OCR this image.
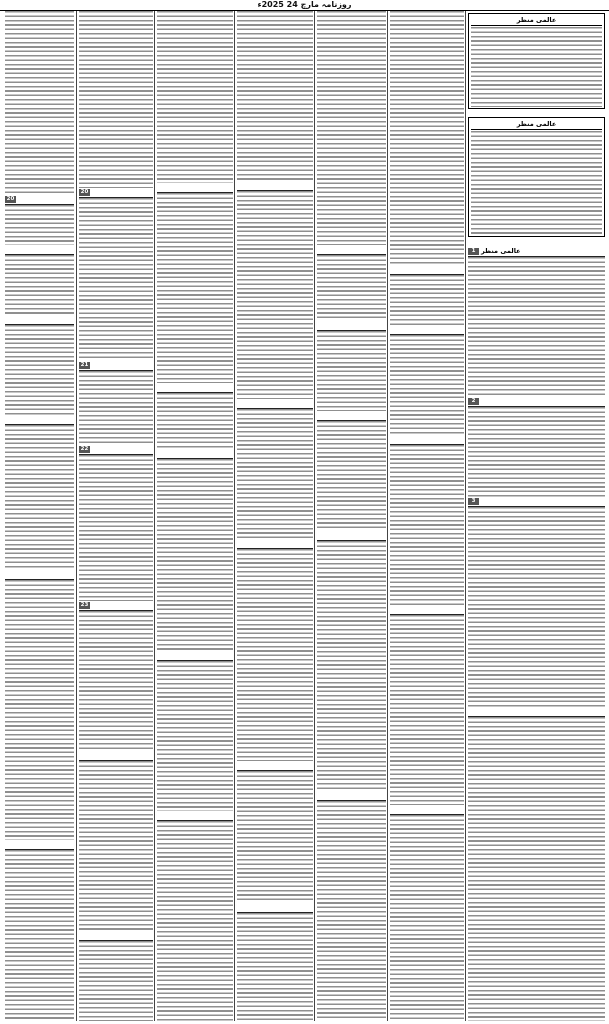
روزنامہ مارچ 24 2025ء
20
20
21
22
23
عالمی منظر
عالمی منظر
1 عالمی منظر
2
3
